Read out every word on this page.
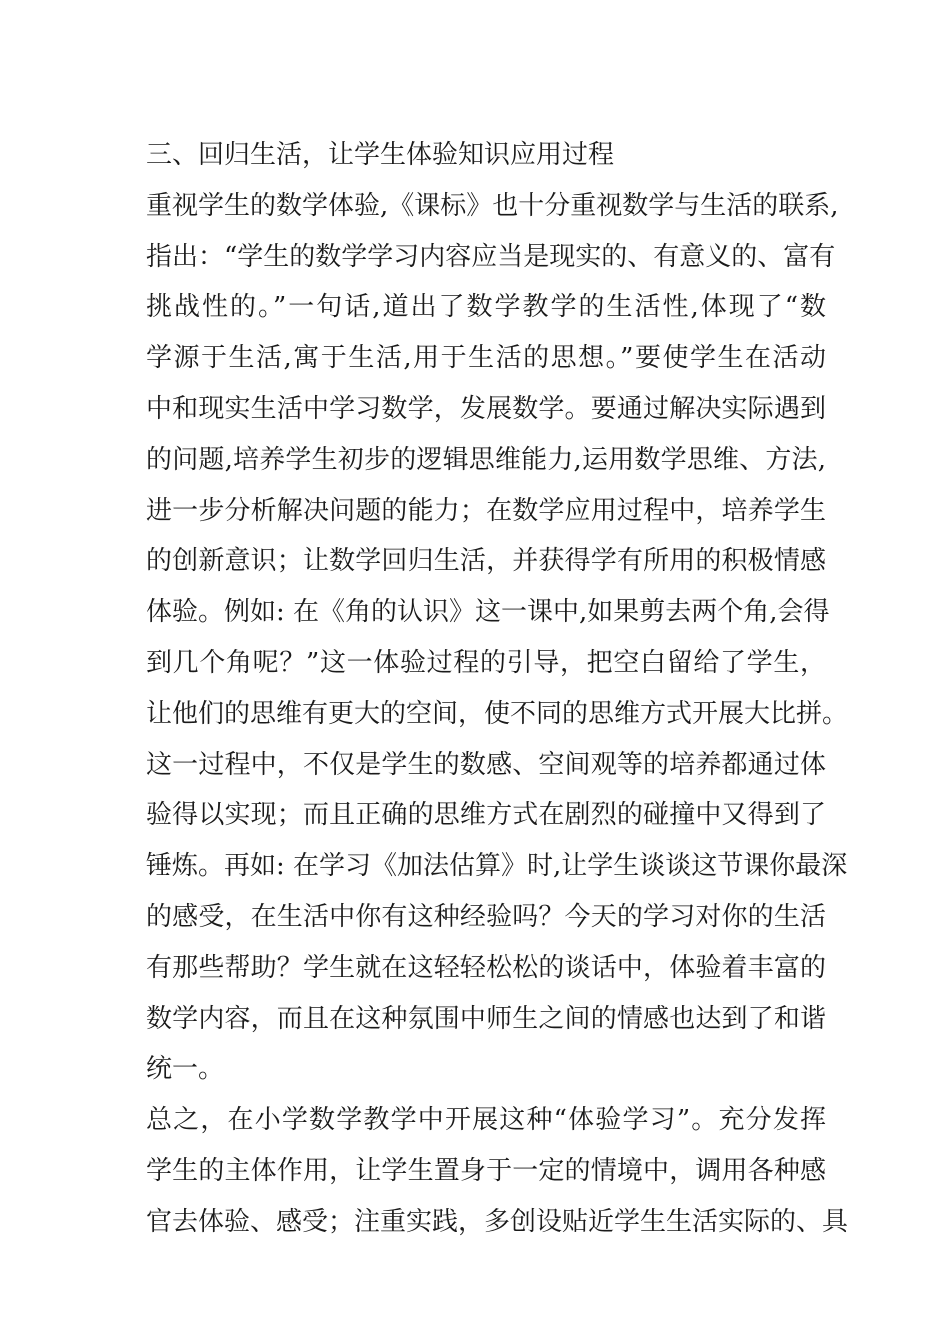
三、回归生活，让学生体验知识应用过程
重视学生的数学体验,《课标》也十分重视数学与生活的联系,
指出：“学生的数学学习内容应当是现实的、有意义的、富有
挑战性的。”一句话,道出了数学教学的生活性,体现了“数
学源于生活,寓于生活,用于生活的思想。”要使学生在活动
中和现实生活中学习数学，发展数学。要通过解决实际遇到
的问题,培养学生初步的逻辑思维能力,运用数学思维、方法,
进一步分析解决问题的能力；在数学应用过程中，培养学生
的创新意识；让数学回归生活，并获得学有所用的积极情感
体验。例如: 在《角的认识》这一课中,如果剪去两个角,会得
到几个角呢？”这一体验过程的引导，把空白留给了学生，
让他们的思维有更大的空间，使不同的思维方式开展大比拼。
这一过程中，不仅是学生的数感、空间观等的培养都通过体
验得以实现；而且正确的思维方式在剧烈的碰撞中又得到了
锤炼。再如: 在学习《加法估算》时,让学生谈谈这节课你最深
的感受，在生活中你有这种经验吗？今天的学习对你的生活
有那些帮助？学生就在这轻轻松松的谈话中，体验着丰富的
数学内容，而且在这种氛围中师生之间的情感也达到了和谐
统一。
总之，在小学数学教学中开展这种“体验学习”。充分发挥
学生的主体作用，让学生置身于一定的情境中，调用各种感
官去体验、感受；注重实践，多创设贴近学生生活实际的、具
